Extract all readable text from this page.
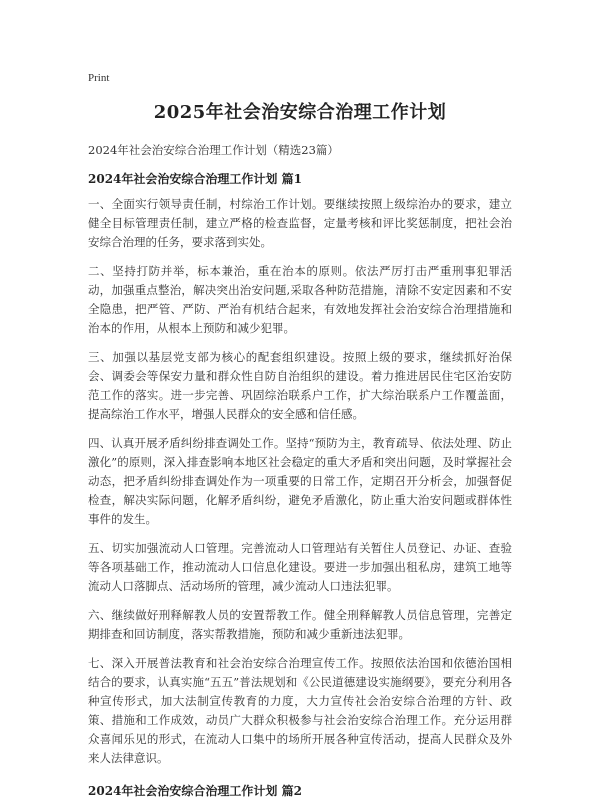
Print
2025年社会治安综合治理工作计划
2024年社会治安综合治理工作计划（精选23篇）
2024年社会治安综合治理工作计划 篇1

一、全面实行领导责任制，村综治工作计划。要继续按照上级综治办的要求，建立健全目标管理责任制，建立严格的检查监督，定量考核和评比奖惩制度，把社会治安综合治理的任务，要求落到实处。

二、坚持打防并举，标本兼治，重在治本的原则。依法严厉打击严重刑事犯罪活动，加强重点整治，解决突出治安问题,采取各种防范措施，清除不安定因素和不安全隐患，把严管、严防、严治有机结合起来，有效地发挥社会治安综合治理措施和治本的作用，从根本上预防和减少犯罪。

三、加强以基层党支部为核心的配套组织建设。按照上级的要求，继续抓好治保会、调委会等保安力量和群众性自防自治组织的建设。着力推进居民住宅区治安防范工作的落实。进一步完善、巩固综治联系户工作，扩大综治联系户工作覆盖面，提高综治工作水平，增强人民群众的安全感和信任感。

四、认真开展矛盾纠纷排查调处工作。坚持“预防为主，教育疏导、依法处理、防止激化”的原则，深入排查影响本地区社会稳定的重大矛盾和突出问题，及时掌握社会动态，把矛盾纠纷排查调处作为一项重要的日常工作，定期召开分析会，加强督促检查，解决实际问题，化解矛盾纠纷，避免矛盾激化，防止重大治安问题或群体性事件的发生。

五、切实加强流动人口管理。完善流动人口管理站有关暂住人员登记、办证、查验等各项基础工作，推动流动人口信息化建设。要进一步加强出租私房，建筑工地等流动人口落脚点、活动场所的管理，减少流动人口违法犯罪。

六、继续做好刑释解教人员的安置帮教工作。健全刑释解教人员信息管理，完善定期排查和回访制度，落实帮教措施，预防和减少重新违法犯罪。

七、深入开展普法教育和社会治安综合治理宣传工作。按照依法治国和依德治国相结合的要求，认真实施“五五”普法规划和《公民道德建设实施纲要》，要充分利用各种宣传形式，加大法制宣传教育的力度，大力宣传社会治安综合治理的方针、政策、措施和工作成效，动员广大群众积极参与社会治安综合治理工作。充分运用群众喜闻乐见的形式，在流动人口集中的场所开展各种宣传活动，提高人民群众及外来人法律意识。

2024年社会治安综合治理工作计划 篇2
